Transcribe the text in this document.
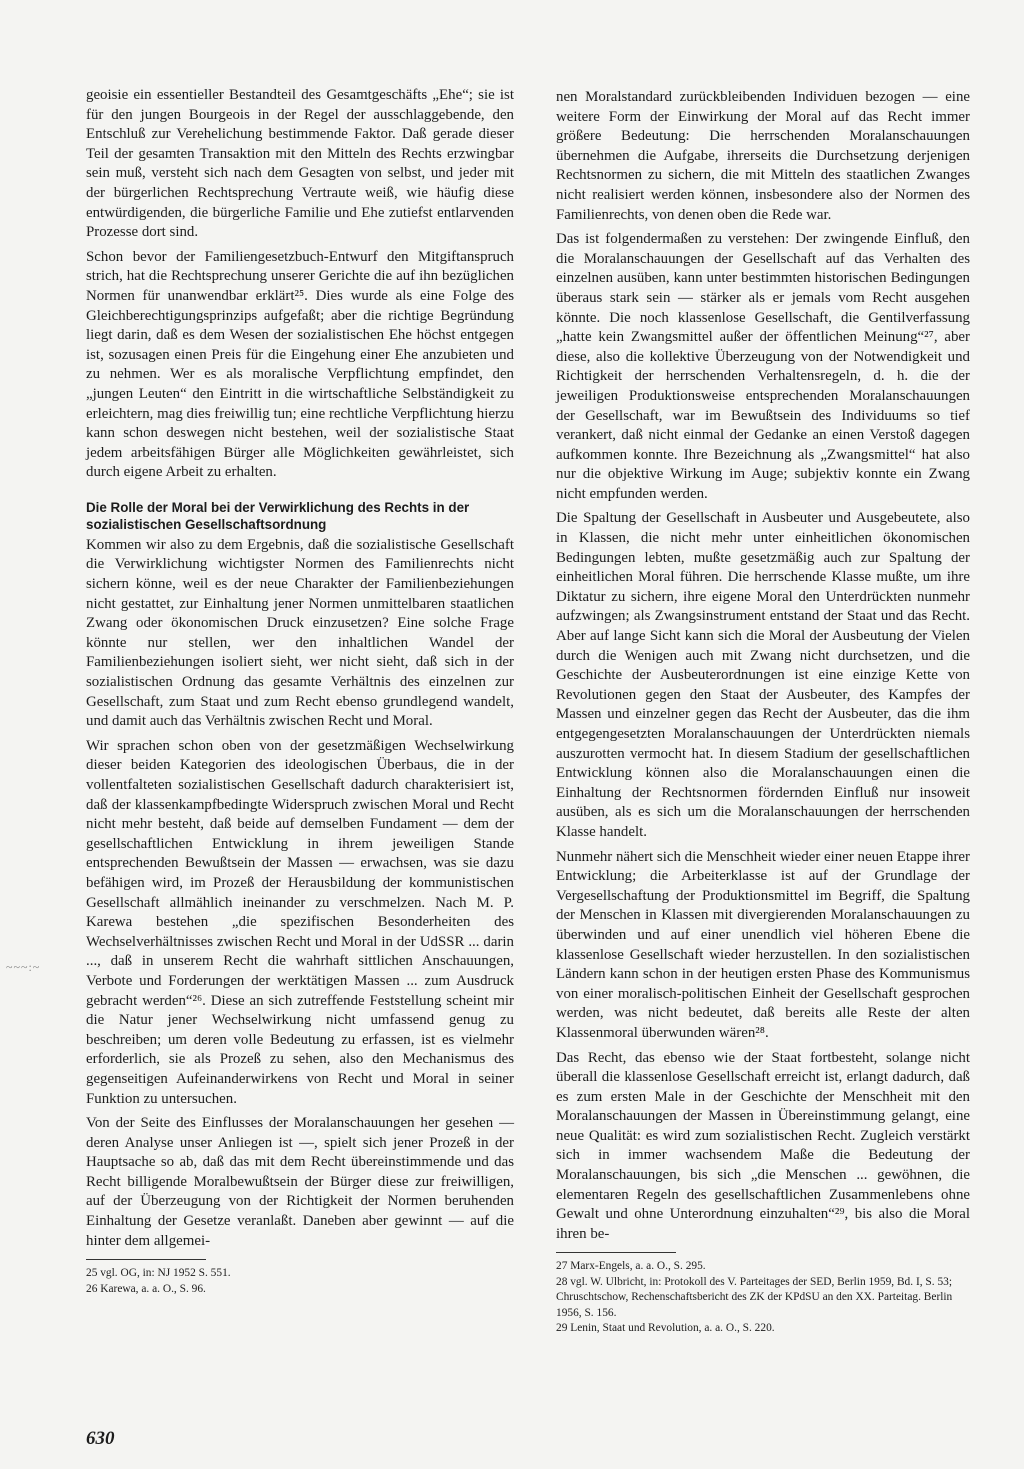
geoisie ein essentieller Bestandteil des Gesamtgeschäfts „Ehe“; sie ist für den jungen Bourgeois in der Regel der ausschlaggebende, den Entschluß zur Verehelichung bestimmende Faktor. Daß gerade dieser Teil der gesamten Transaktion mit den Mitteln des Rechts erzwingbar sein muß, versteht sich nach dem Gesagten von selbst, und jeder mit der bürgerlichen Rechtsprechung Vertraute weiß, wie häufig diese entwürdigenden, die bürgerliche Familie und Ehe zutiefst entlarvenden Prozesse dort sind.

Schon bevor der Familiengesetzbuch-Entwurf den Mitgiftanspruch strich, hat die Rechtsprechung unserer Gerichte die auf ihn bezüglichen Normen für unanwendbar erklärt²⁵. Dies wurde als eine Folge des Gleichberechtigungsprinzips aufgefaßt; aber die richtige Begründung liegt darin, daß es dem Wesen der sozialistischen Ehe höchst entgegen ist, sozusagen einen Preis für die Eingehung einer Ehe anzubieten und zu nehmen. Wer es als moralische Verpflichtung empfindet, den „jungen Leuten“ den Eintritt in die wirtschaftliche Selbständigkeit zu erleichtern, mag dies freiwillig tun; eine rechtliche Verpflichtung hierzu kann schon deswegen nicht bestehen, weil der sozialistische Staat jedem arbeitsfähigen Bürger alle Möglichkeiten gewährleistet, sich durch eigene Arbeit zu erhalten.

Die Rolle der Moral bei der Verwirklichung des Rechts in der sozialistischen Gesellschaftsordnung

Kommen wir also zu dem Ergebnis, daß die sozialistische Gesellschaft die Verwirklichung wichtigster Normen des Familienrechts nicht sichern könne, weil es der neue Charakter der Familienbeziehungen nicht gestattet, zur Einhaltung jener Normen unmittelbaren staatlichen Zwang oder ökonomischen Druck einzusetzen? Eine solche Frage könnte nur stellen, wer den inhaltlichen Wandel der Familienbeziehungen isoliert sieht, wer nicht sieht, daß sich in der sozialistischen Ordnung das gesamte Verhältnis des einzelnen zur Gesellschaft, zum Staat und zum Recht ebenso grundlegend wandelt, und damit auch das Verhältnis zwischen Recht und Moral.

Wir sprachen schon oben von der gesetzmäßigen Wechselwirkung dieser beiden Kategorien des ideologischen Überbaus, die in der vollentfalteten sozialistischen Gesellschaft dadurch charakterisiert ist, daß der klassenkampfbedingte Widerspruch zwischen Moral und Recht nicht mehr besteht, daß beide auf demselben Fundament — dem der gesellschaftlichen Entwicklung in ihrem jeweiligen Stande entsprechenden Bewußtsein der Massen — erwachsen, was sie dazu befähigen wird, im Prozeß der Herausbildung der kommunistischen Gesellschaft allmählich ineinander zu verschmelzen. Nach M. P. Karewa bestehen „die spezifischen Besonderheiten des Wechselverhältnisses zwischen Recht und Moral in der UdSSR ... darin ..., daß in unserem Recht die wahrhaft sittlichen Anschauungen, Verbote und Forderungen der werktätigen Massen ... zum Ausdruck gebracht werden“²⁶. Diese an sich zutreffende Feststellung scheint mir die Natur jener Wechselwirkung nicht umfassend genug zu beschreiben; um deren volle Bedeutung zu erfassen, ist es vielmehr erforderlich, sie als Prozeß zu sehen, also den Mechanismus des gegenseitigen Aufeinanderwirkens von Recht und Moral in seiner Funktion zu untersuchen.

Von der Seite des Einflusses der Moralanschauungen her gesehen — deren Analyse unser Anliegen ist —, spielt sich jener Prozeß in der Hauptsache so ab, daß das mit dem Recht übereinstimmende und das Recht billigende Moralbewußtsein der Bürger diese zur freiwilligen, auf der Überzeugung von der Richtigkeit der Normen beruhenden Einhaltung der Gesetze veranlaßt. Daneben aber gewinnt — auf die hinter dem allgemei-

25 vgl. OG, in: NJ 1952 S. 551.

26 Karewa, a. a. O., S. 96.

nen Moralstandard zurückbleibenden Individuen bezogen — eine weitere Form der Einwirkung der Moral auf das Recht immer größere Bedeutung: Die herrschenden Moralanschauungen übernehmen die Aufgabe, ihrerseits die Durchsetzung derjenigen Rechtsnormen zu sichern, die mit Mitteln des staatlichen Zwanges nicht realisiert werden können, insbesondere also der Normen des Familienrechts, von denen oben die Rede war.

Das ist folgendermaßen zu verstehen: Der zwingende Einfluß, den die Moralanschauungen der Gesellschaft auf das Verhalten des einzelnen ausüben, kann unter bestimmten historischen Bedingungen überaus stark sein — stärker als er jemals vom Recht ausgehen könnte. Die noch klassenlose Gesellschaft, die Gentilverfassung „hatte kein Zwangsmittel außer der öffentlichen Meinung“²⁷, aber diese, also die kollektive Überzeugung von der Notwendigkeit und Richtigkeit der herrschenden Verhaltensregeln, d. h. die der jeweiligen Produktionsweise entsprechenden Moralanschauungen der Gesellschaft, war im Bewußtsein des Individuums so tief verankert, daß nicht einmal der Gedanke an einen Verstoß dagegen aufkommen konnte. Ihre Bezeichnung als „Zwangsmittel“ hat also nur die objektive Wirkung im Auge; subjektiv konnte ein Zwang nicht empfunden werden.

Die Spaltung der Gesellschaft in Ausbeuter und Ausgebeutete, also in Klassen, die nicht mehr unter einheitlichen ökonomischen Bedingungen lebten, mußte gesetzmäßig auch zur Spaltung der einheitlichen Moral führen. Die herrschende Klasse mußte, um ihre Diktatur zu sichern, ihre eigene Moral den Unterdrückten nunmehr aufzwingen; als Zwangsinstrument entstand der Staat und das Recht. Aber auf lange Sicht kann sich die Moral der Ausbeutung der Vielen durch die Wenigen auch mit Zwang nicht durchsetzen, und die Geschichte der Ausbeuterordnungen ist eine einzige Kette von Revolutionen gegen den Staat der Ausbeuter, des Kampfes der Massen und einzelner gegen das Recht der Ausbeuter, das die ihm entgegengesetzten Moralanschauungen der Unterdrückten niemals auszurotten vermocht hat. In diesem Stadium der gesellschaftlichen Entwicklung können also die Moralanschauungen einen die Einhaltung der Rechtsnormen fördernden Einfluß nur insoweit ausüben, als es sich um die Moralanschauungen der herrschenden Klasse handelt.

Nunmehr nähert sich die Menschheit wieder einer neuen Etappe ihrer Entwicklung; die Arbeiterklasse ist auf der Grundlage der Vergesellschaftung der Produktionsmittel im Begriff, die Spaltung der Menschen in Klassen mit divergierenden Moralanschauungen zu überwinden und auf einer unendlich viel höheren Ebene die klassenlose Gesellschaft wieder herzustellen. In den sozialistischen Ländern kann schon in der heutigen ersten Phase des Kommunismus von einer moralisch-politischen Einheit der Gesellschaft gesprochen werden, was nicht bedeutet, daß bereits alle Reste der alten Klassenmoral überwunden wären²⁸.

Das Recht, das ebenso wie der Staat fortbesteht, solange nicht überall die klassenlose Gesellschaft erreicht ist, erlangt dadurch, daß es zum ersten Male in der Geschichte der Menschheit mit den Moralanschauungen der Massen in Übereinstimmung gelangt, eine neue Qualität: es wird zum sozialistischen Recht. Zugleich verstärkt sich in immer wachsendem Maße die Bedeutung der Moralanschauungen, bis sich „die Menschen ... gewöhnen, die elementaren Regeln des gesellschaftlichen Zusammenlebens ohne Gewalt und ohne Unterordnung einzuhalten“²⁹, bis also die Moral ihren be-

27 Marx-Engels, a. a. O., S. 295.

28 vgl. W. Ulbricht, in: Protokoll des V. Parteitages der SED, Berlin 1959, Bd. I, S. 53; Chruschtschow, Rechenschaftsbericht des ZK der KPdSU an den XX. Parteitag. Berlin 1956, S. 156.

29 Lenin, Staat und Revolution, a. a. O., S. 220.

~~~:~
630
